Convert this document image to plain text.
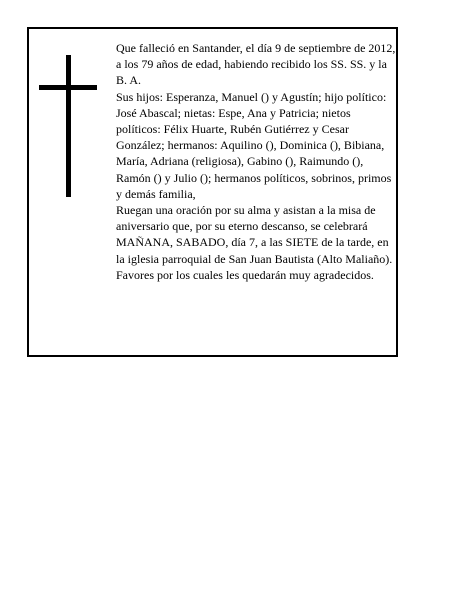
Que falleció en Santander, el día 9 de septiembre de 2012, a los 79 años de edad, habiendo recibido los SS. SS. y la B. A.

Sus hijos: Esperanza, Manuel () y Agustín; hijo político: José Abascal; nietas: Espe, Ana y Patricia; nietos políticos: Félix Huarte, Rubén Gutiérrez y Cesar González; hermanos: Aquilino (), Dominica (), Bibiana, María, Adriana (religiosa), Gabino (), Raimundo (), Ramón () y Julio (); hermanos políticos, sobrinos, primos y demás familia,

Ruegan una oración por su alma y asistan a la misa de aniversario que, por su eterno descanso, se celebrará MAÑANA, SABADO, día 7, a las SIETE de la tarde, en la iglesia parroquial de San Juan Bautista (Alto Maliaño). Favores por los cuales les quedarán muy agradecidos.
